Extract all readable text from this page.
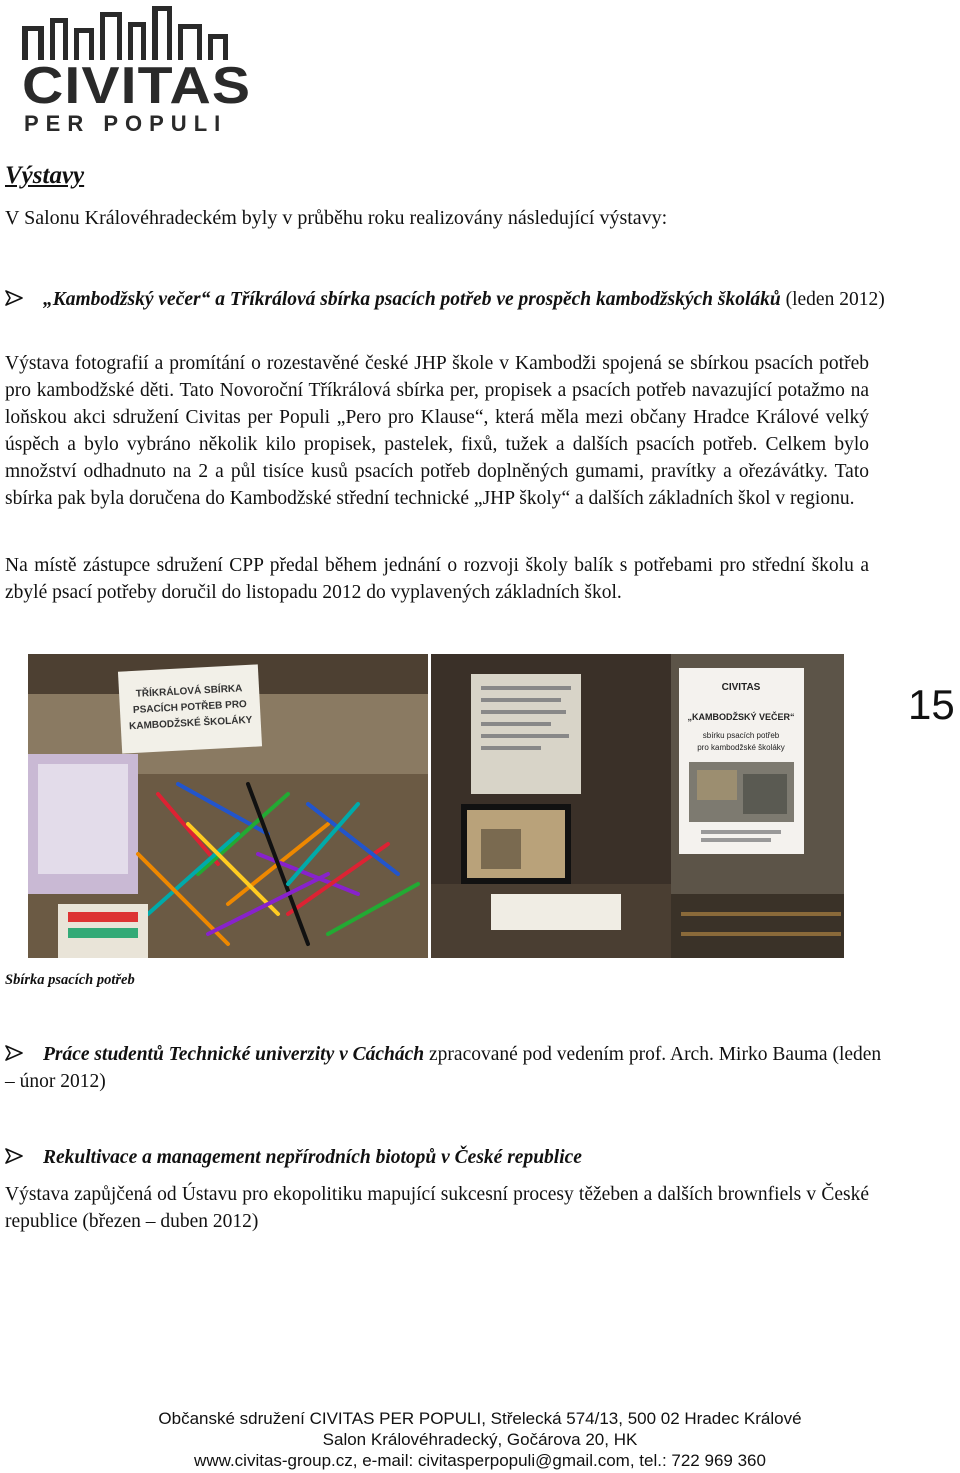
CIVITAS
PER POPULI
Výstavy
V Salonu Královéhradeckém byly v průběhu roku realizovány následující výstavy:
„Kambodžský večer“ a Tříkrálová sbírka psacích potřeb ve prospěch kambodžských školáků (leden 2012)
Výstava fotografií a promítání o rozestavěné české JHP škole v Kambodži spojená se sbírkou psacích potřeb pro kambodžské děti. Tato Novoroční Tříkrálová sbírka per, propisek a psacích potřeb navazující potažmo na loňskou akci sdružení Civitas per Populi „Pero pro Klause“, která měla mezi občany Hradce Králové velký úspěch a bylo vybráno několik kilo propisek, pastelek, fixů, tužek a dalších psacích potřeb. Celkem bylo množství odhadnuto na 2 a půl tisíce kusů psacích potřeb doplněných gumami, pravítky a ořezávátky. Tato sbírka pak byla doručena do Kambodžské střední technické „JHP školy“ a dalších základních škol v regionu.
Na místě zástupce sdružení CPP předal během jednání o rozvoji školy balík s potřebami pro střední školu a zbylé psací potřeby doručil do listopadu 2012 do vyplavených základních škol.
TŘÍKRÁLOVÁ SBÍRKA
PSACÍCH POTŘEB PRO
KAMBODŽSKÉ ŠKOLÁKY
CIVITAS
„KAMBODŽSKÝ VEČER“
sbírku psacích potřeb
pro kambodžské školáky
15
Sbírka psacích potřeb
Práce studentů Technické univerzity v Cáchách zpracované pod vedením prof. Arch. Mirko Bauma (leden – únor 2012)
Rekultivace a management nepřírodních biotopů v České republice
Výstava zapůjčená od Ústavu pro ekopolitiku mapující sukcesní procesy těžeben a dalších brownfiels v České republice (březen – duben 2012)
Občanské sdružení CIVITAS PER POPULI, Střelecká 574/13, 500 02 Hradec Králové
Salon Královéhradecký, Gočárova 20, HK
www.civitas-group.cz, e-mail: civitasperpopuli@gmail.com, tel.: 722 969 360
